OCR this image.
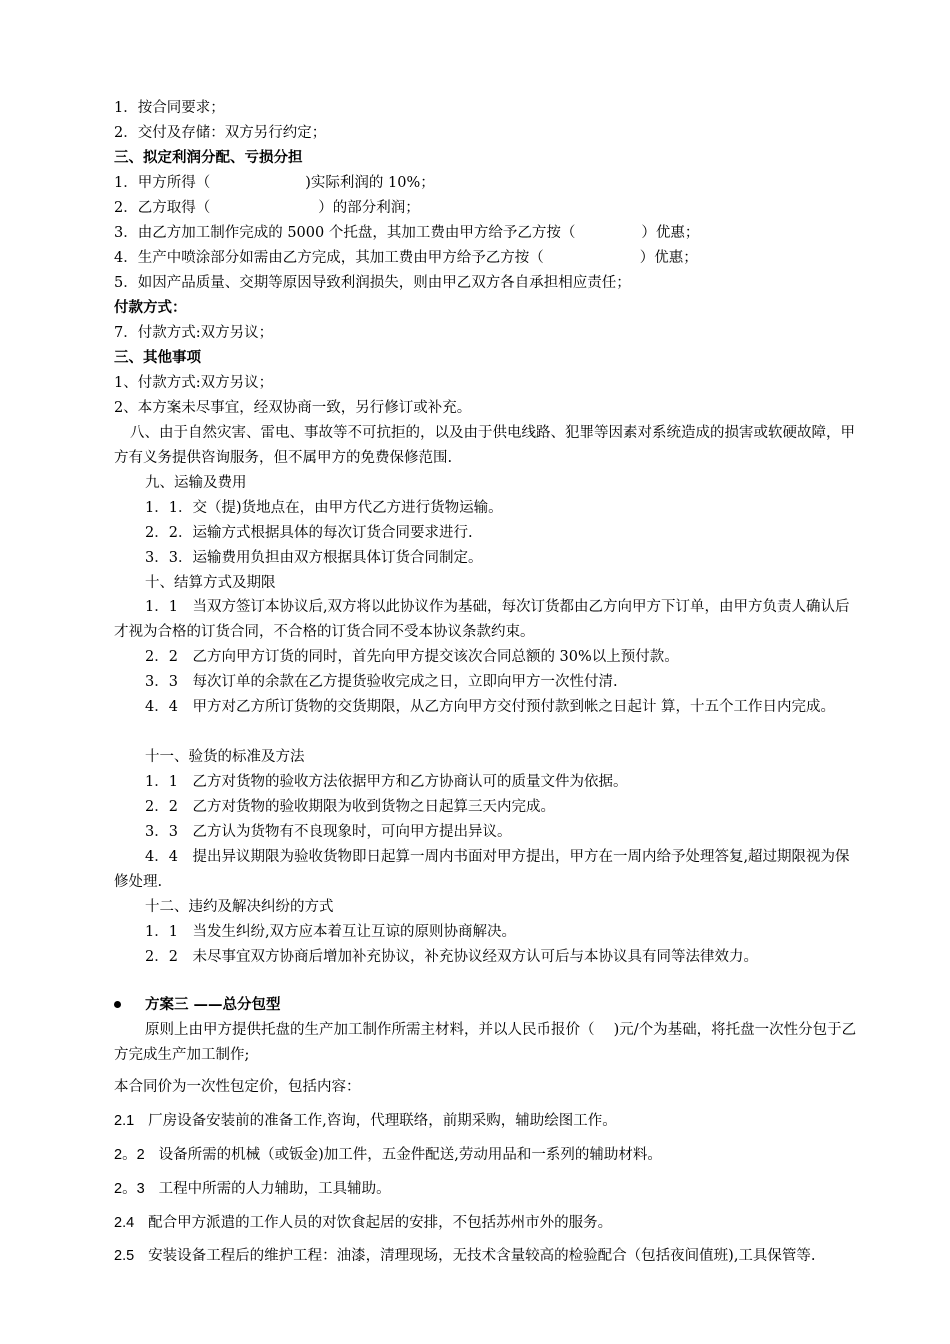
1．按合同要求；
2．交付及存储：双方另行约定；
三、拟定利润分配、亏损分担
1．甲方所得（	)实际利润的 10%；
2．乙方取得（	）的部分利润；
3．由乙方加工制作完成的 5000 个托盘，其加工费由甲方给予乙方按（	）优惠；
4．生产中喷涂部分如需由乙方完成，其加工费由甲方给予乙方按（	）优惠；
5．如因产品质量、交期等原因导致利润损失，则由甲乙双方各自承担相应责任；
付款方式：
7．付款方式:双方另议；
三、其他事项
1、付款方式:双方另议；
2、本方案未尽事宜，经双协商一致，另行修订或补充。
八、由于自然灾害、雷电、事故等不可抗拒的，以及由于供电线路、犯罪等因素对系统造成的损害或软硬故障，甲方有义务提供咨询服务，但不属甲方的免费保修范围.
九、运输及费用
1．1．交（提)货地点在，由甲方代乙方进行货物运输。
2．2．运输方式根据具体的每次订货合同要求进行.
3．3．运输费用负担由双方根据具体订货合同制定。
十、结算方式及期限
1．1　当双方签订本协议后,双方将以此协议作为基础，每次订货都由乙方向甲方下订单，由甲方负责人确认后才视为合格的订货合同，不合格的订货合同不受本协议条款约束。
2．2　乙方向甲方订货的同时，首先向甲方提交该次合同总额的 30%以上预付款。
3．3　每次订单的余款在乙方提货验收完成之日，立即向甲方一次性付清.
4．4　甲方对乙方所订货物的交货期限，从乙方向甲方交付预付款到帐之日起计 算，十五个工作日内完成。
十一、验货的标准及方法
1．1　乙方对货物的验收方法依据甲方和乙方协商认可的质量文件为依据。
2．2　乙方对货物的验收期限为收到货物之日起算三天内完成。
3．3　乙方认为货物有不良现象时，可向甲方提出异议。
4．4　提出异议期限为验收货物即日起算一周内书面对甲方提出，甲方在一周内给予处理答复,超过期限视为保修处理.
十二、违约及解决纠纷的方式
1．1　当发生纠纷,双方应本着互让互谅的原则协商解决。
2．2　未尽事宜双方协商后增加补充协议，补充协议经双方认可后与本协议具有同等法律效力。
方案三 ——总分包型
原则上由甲方提供托盘的生产加工制作所需主材料，并以人民币报价（　 )元/个为基础，将托盘一次性分包于乙方完成生产加工制作;
本合同价为一次性包定价，包括内容：
2.1 厂房设备安装前的准备工作,咨询，代理联络，前期采购，辅助绘图工作。
2。2 设备所需的机械（或钣金)加工件，五金件配送,劳动用品和一系列的辅助材料。
2。3 工程中所需的人力辅助，工具辅助。
2.4 配合甲方派遣的工作人员的对饮食起居的安排，不包括苏州市外的服务。
2.5 安装设备工程后的维护工程：油漆，清理现场，无技术含量较高的检验配合（包括夜间值班),工具保管等.
